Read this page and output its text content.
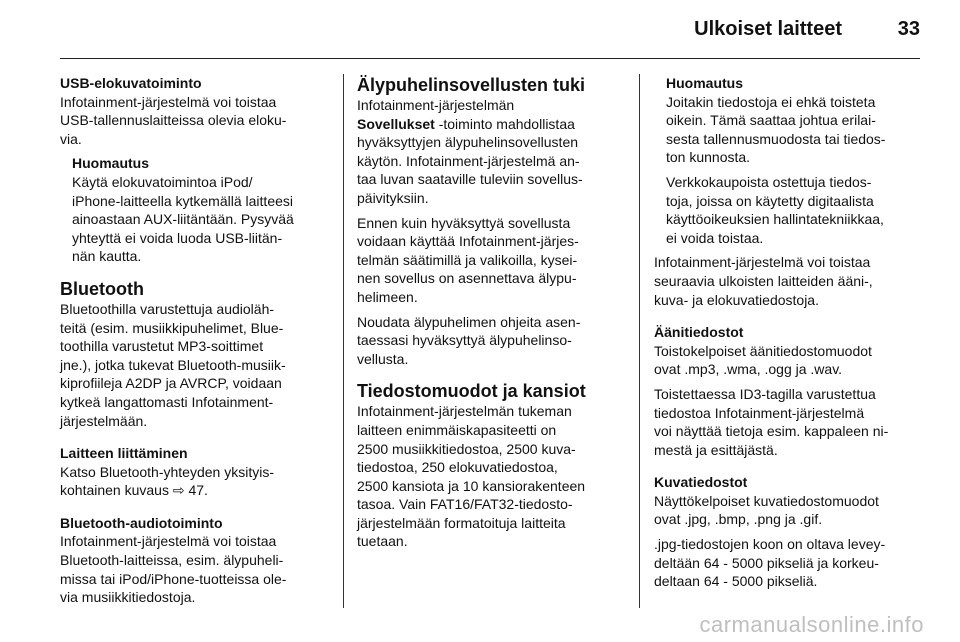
Ulkoiset laitteet	33
USB-elokuvatoiminto
Infotainment-järjestelmä voi toistaa
USB-tallennuslaitteissa olevia eloku-
via.
Huomautus
Käytä elokuvatoimintoa iPod/
iPhone-laitteella kytkemällä laitteesi
ainoastaan AUX-liitäntään. Pysyvää
yhteyttä ei voida luoda USB-liitän-
nän kautta.
Bluetooth
Bluetoothilla varustettuja audioläh-
teitä (esim. musiikkipuhelimet, Blue-
toothilla varustetut MP3-soittimet
jne.), jotka tukevat Bluetooth-musiik-
kiprofiileja A2DP ja AVRCP, voidaan
kytkeä langattomasti Infotainment-
järjestelmään.
Laitteen liittäminen
Katso Bluetooth-yhteyden yksityis-
kohtainen kuvaus ⇨ 47.
Bluetooth-audiotoiminto
Infotainment-järjestelmä voi toistaa
Bluetooth-laitteissa, esim. älypuheli-
missa tai iPod/iPhone-tuotteissa ole-
via musiikkitiedostoja.
Älypuhelinsovellusten tuki
Infotainment-järjestelmän
Sovellukset -toiminto mahdollistaa
hyväksyttyjen älypuhelinsovellusten
käytön. Infotainment-järjestelmä an-
taa luvan saataville tuleviin sovellus-
päivityksiin.
Ennen kuin hyväksyttyä sovellusta
voidaan käyttää Infotainment-järjes-
telmän säätimillä ja valikoilla, kysei-
nen sovellus on asennettava älypu-
helimeen.
Noudata älypuhelimen ohjeita asen-
taessasi hyväksyttyä älypuhelinso-
vellusta.
Tiedostomuodot ja kansiot
Infotainment-järjestelmän tukeman
laitteen enimmäiskapasiteetti on
2500 musiikkitiedostoa, 2500 kuva-
tiedostoa, 250 elokuvatiedostoa,
2500 kansiota ja 10 kansiorakenteen
tasoa. Vain FAT16/FAT32-tiedosto-
järjestelmään formatoituja laitteita
tuetaan.
Huomautus
Joitakin tiedostoja ei ehkä toisteta
oikein. Tämä saattaa johtua erilai-
sesta tallennusmuodosta tai tiedos-
ton kunnosta.
Verkkokaupoista ostettuja tiedos-
toja, joissa on käytetty digitaalista
käyttöoikeuksien hallintatekniikkaa,
ei voida toistaa.
Infotainment-järjestelmä voi toistaa
seuraavia ulkoisten laitteiden ääni-,
kuva- ja elokuvatiedostoja.
Äänitiedostot
Toistokelpoiset äänitiedostomuodot
ovat .mp3, .wma, .ogg ja .wav.
Toistettaessa ID3-tagilla varustettua
tiedostoa Infotainment-järjestelmä
voi näyttää tietoja esim. kappaleen ni-
mestä ja esittäjästä.
Kuvatiedostot
Näyttökelpoiset kuvatiedostomuodot
ovat .jpg, .bmp, .png ja .gif.
.jpg-tiedostojen koon on oltava levey-
deltään 64 - 5000 pikseliä ja korkeu-
deltaan 64 - 5000 pikseliä.
carmanualsonline.info
